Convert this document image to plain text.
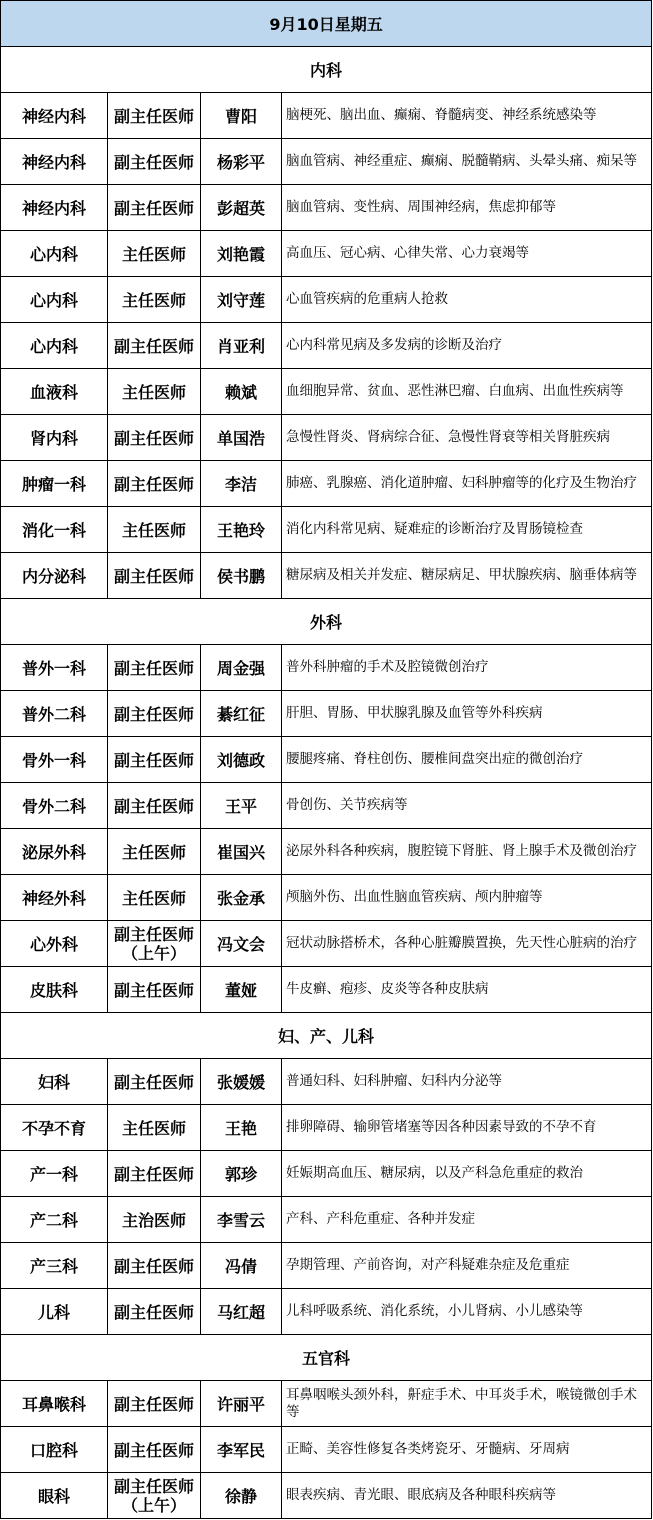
9月10日星期五			
内科			
神经内科	副主任医师	曹阳	脑梗死、脑出血、癫痫、脊髓病变、神经系统感染等
神经内科	副主任医师	杨彩平	脑血管病、神经重症、癫痫、脱髓鞘病、头晕头痛、痴呆等
神经内科	副主任医师	彭超英	脑血管病、变性病、周围神经病，焦虑抑郁等
心内科	主任医师	刘艳霞	高血压、冠心病、心律失常、心力衰竭等
心内科	主任医师	刘守莲	心血管疾病的危重病人抢救
心内科	副主任医师	肖亚利	心内科常见病及多发病的诊断及治疗
血液科	主任医师	赖斌	血细胞异常、贫血、恶性淋巴瘤、白血病、出血性疾病等
肾内科	副主任医师	单国浩	急慢性肾炎、肾病综合征、急慢性肾衰等相关肾脏疾病
肿瘤一科	副主任医师	李洁	肺癌、乳腺癌、消化道肿瘤、妇科肿瘤等的化疗及生物治疗
消化一科	主任医师	王艳玲	消化内科常见病、疑难症的诊断治疗及胃肠镜检查
内分泌科	副主任医师	侯书鹏	糖尿病及相关并发症、糖尿病足、甲状腺疾病、脑垂体病等
外科			
普外一科	副主任医师	周金强	普外科肿瘤的手术及腔镜微创治疗
普外二科	副主任医师	綦红征	肝胆、胃肠、甲状腺乳腺及血管等外科疾病
骨外一科	副主任医师	刘德政	腰腿疼痛、脊柱创伤、腰椎间盘突出症的微创治疗
骨外二科	副主任医师	王平	骨创伤、关节疾病等
泌尿外科	主任医师	崔国兴	泌尿外科各种疾病，腹腔镜下肾脏、肾上腺手术及微创治疗
神经外科	主任医师	张金承	颅脑外伤、出血性脑血管疾病、颅内肿瘤等
心外科	副主任医师（上午）	冯文会	冠状动脉搭桥术，各种心脏瓣膜置换，先天性心脏病的治疗
皮肤科	副主任医师	董娅	牛皮癣、疱疹、皮炎等各种皮肤病
妇、产、儿科			
妇科	副主任医师	张媛媛	普通妇科、妇科肿瘤、妇科内分泌等
不孕不育	主任医师	王艳	排卵障碍、输卵管堵塞等因各种因素导致的不孕不育
产一科	副主任医师	郭珍	妊娠期高血压、糖尿病，以及产科急危重症的救治
产二科	主治医师	李雪云	产科、产科危重症、各种并发症
产三科	副主任医师	冯倩	孕期管理、产前咨询，对产科疑难杂症及危重症
儿科	副主任医师	马红超	儿科呼吸系统、消化系统，小儿肾病、小儿感染等
五官科			
耳鼻喉科	副主任医师	许丽平	耳鼻咽喉头颈外科，鼾症手术、中耳炎手术，喉镜微创手术等
口腔科	副主任医师	李军民	正畸、美容性修复各类烤瓷牙、牙髓病、牙周病
眼科	副主任医师（上午）	徐静	眼表疾病、青光眼、眼底病及各种眼科疾病等
